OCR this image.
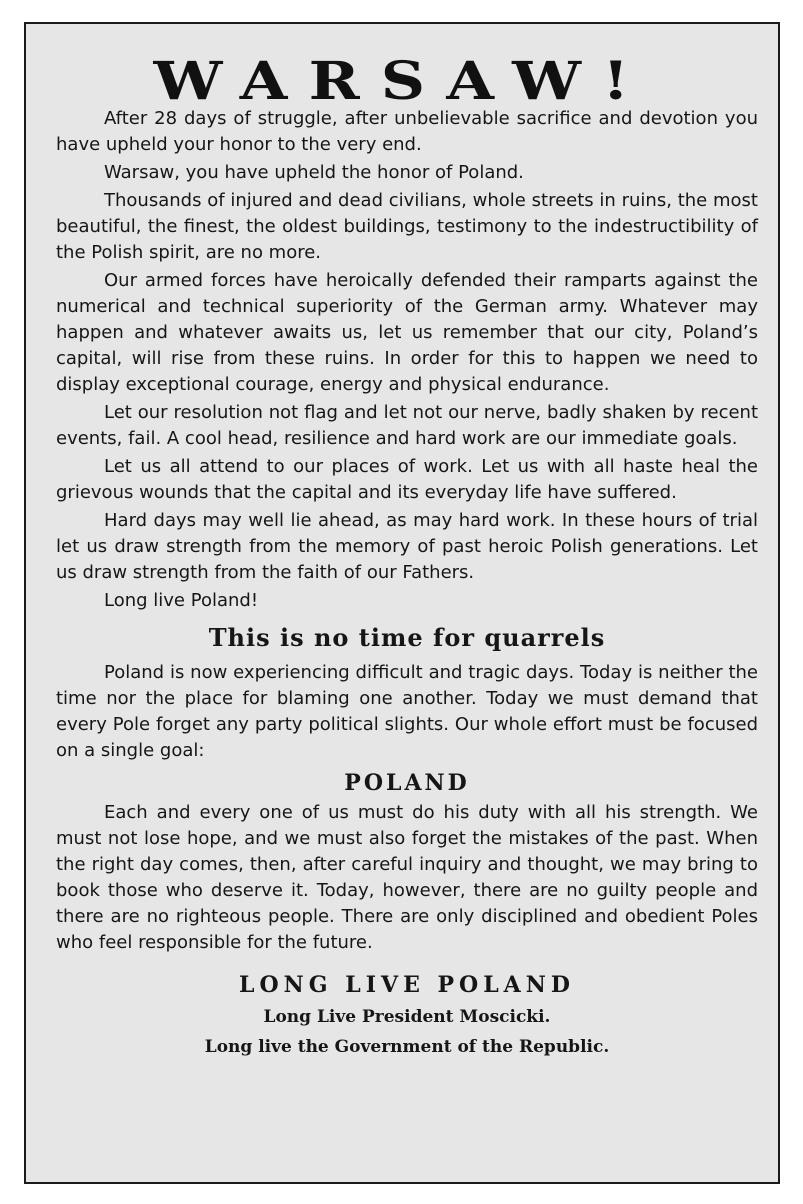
WARSAW!

After 28 days of struggle, after unbelievable sacrifice and devotion you have upheld your honor to the very end.

Warsaw, you have upheld the honor of Poland.

Thousands of injured and dead civilians, whole streets in ruins, the most beautiful, the finest, the oldest buildings, testimony to the indestructibility of the Polish spirit, are no more.

Our armed forces have heroically defended their ramparts against the numerical and technical superiority of the German army. Whatever may happen and whatever awaits us, let us remember that our city, Poland’s capital, will rise from these ruins. In order for this to happen we need to display exceptional courage, energy and physical endurance.

Let our resolution not flag and let not our nerve, badly shaken by recent events, fail. A cool head, resilience and hard work are our immediate goals.

Let us all attend to our places of work. Let us with all haste heal the grievous wounds that the capital and its everyday life have suffered.

Hard days may well lie ahead, as may hard work. In these hours of trial let us draw strength from the memory of past heroic Polish generations. Let us draw strength from the faith of our Fathers.

Long live Poland!

This is no time for quarrels

Poland is now experiencing difficult and tragic days. Today is neither the time nor the place for blaming one another. Today we must demand that every Pole forget any party political slights. Our whole effort must be focused on a single goal:

POLAND

Each and every one of us must do his duty with all his strength. We must not lose hope, and we must also forget the mistakes of the past. When the right day comes, then, after careful inquiry and thought, we may bring to book those who deserve it. Today, however, there are no guilty people and there are no righteous people. There are only disciplined and obedient Poles who feel responsible for the future.

LONG LIVE POLAND
Long Live President Moscicki.
Long live the Government of the Republic.
